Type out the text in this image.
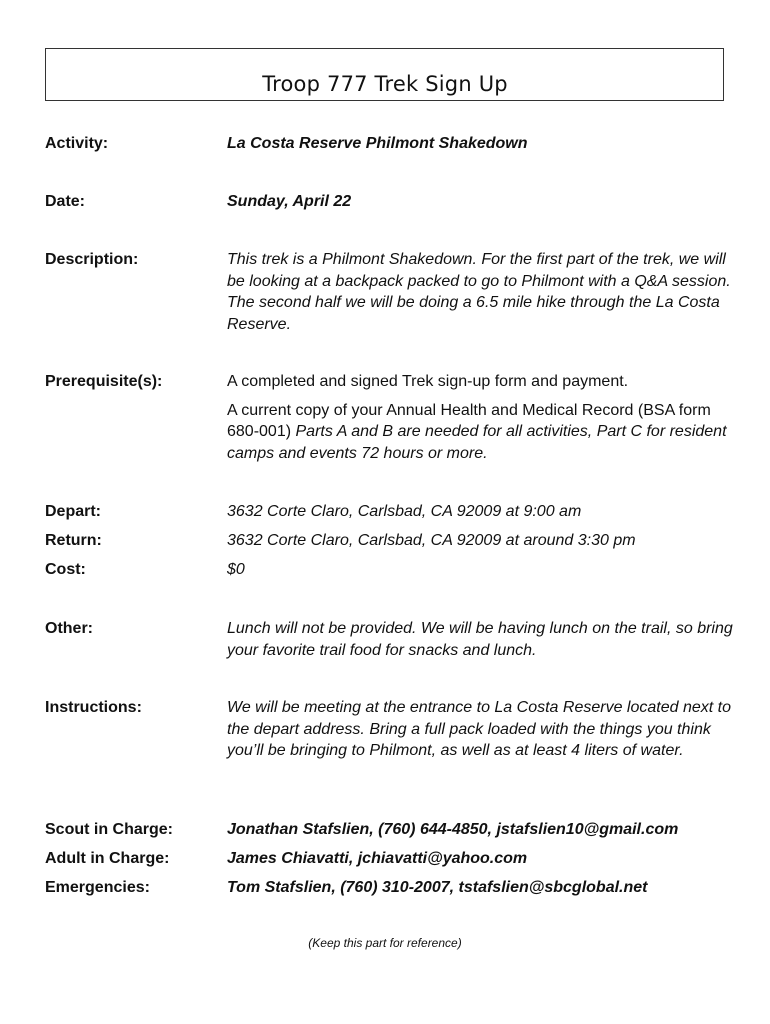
Troop 777 Trek Sign Up
Activity:	La Costa Reserve Philmont Shakedown
Date:	Sunday, April 22
Description:	This trek is a Philmont Shakedown. For the first part of the trek, we will be looking at a backpack packed to go to Philmont with a Q&A session. The second half we will be doing a 6.5 mile hike through the La Costa Reserve.
Prerequisite(s):	A completed and signed Trek sign-up form and payment.
A current copy of your Annual Health and Medical Record (BSA form 680-001) Parts A and B are needed for all activities, Part C for resident camps and events 72 hours or more.
Depart:	3632 Corte Claro, Carlsbad, CA 92009 at 9:00 am
Return:	3632 Corte Claro, Carlsbad, CA 92009 at around 3:30 pm
Cost:	$0
Other:	Lunch will not be provided. We will be having lunch on the trail, so bring your favorite trail food for snacks and lunch.
Instructions:	We will be meeting at the entrance to La Costa Reserve located next to the depart address. Bring a full pack loaded with the things you think you’ll be bringing to Philmont, as well as at least 4 liters of water.
Scout in Charge:	Jonathan Stafslien, (760) 644-4850, jstafslien10@gmail.com
Adult in Charge:	James Chiavatti, jchiavatti@yahoo.com
Emergencies:	Tom Stafslien, (760) 310-2007, tstafslien@sbcglobal.net
(Keep this part for reference)
